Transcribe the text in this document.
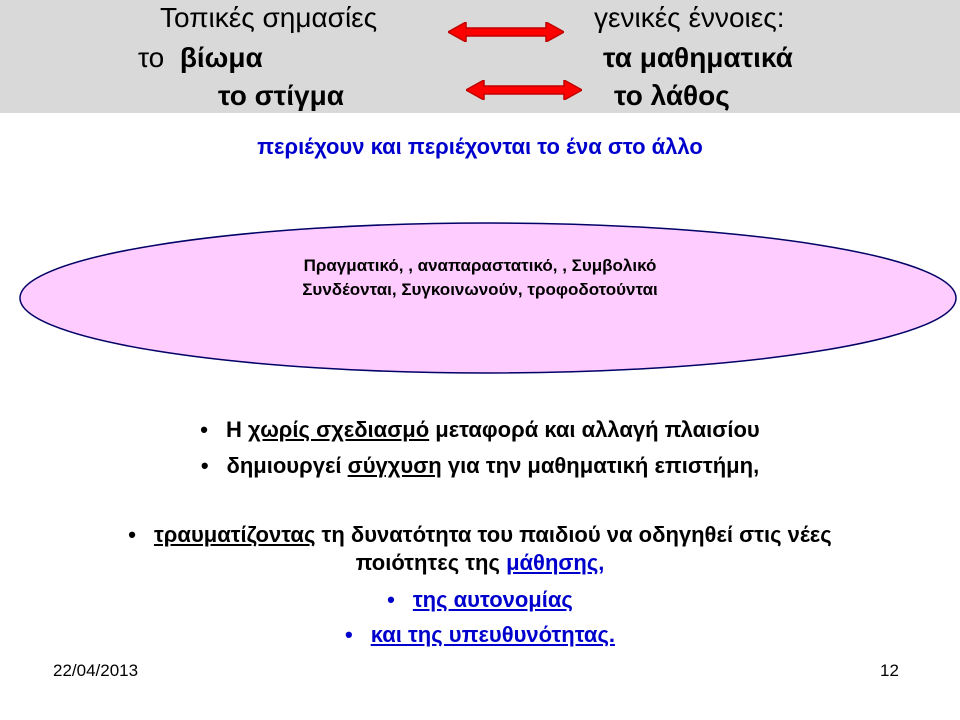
Τοπικές σημασίες	γενικές έννοιες:
το βίωμα	τα μαθηματικά
το στίγμα	το λάθος
περιέχουν και περιέχονται το ένα στο άλλο
Πραγματικό, , αναπαραστατικό, , Συμβολικό
Συνδέονται, Συγκοινωνούν, τροφοδοτούνται
• Η χωρίς σχεδιασμό μεταφορά και αλλαγή πλαισίου
• δημιουργεί σύγχυση για την μαθηματική επιστήμη,
• τραυματίζοντας τη δυνατότητα του παιδιού να οδηγηθεί στις νέες
ποιότητες της μάθησης,
• της αυτονομίας
• και της υπευθυνότητας.
22/04/2013	12
